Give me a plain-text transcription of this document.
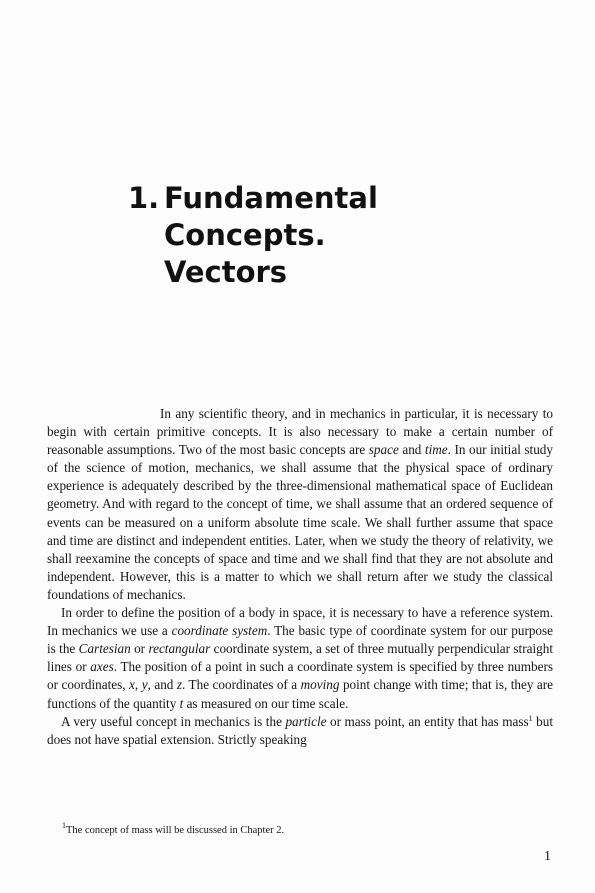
1. Fundamental
Concepts.
Vectors

In any scientific theory, and in mechanics in particular, it is necessary to begin with certain primitive concepts. It is also necessary to make a certain number of reasonable assumptions. Two of the most basic concepts are space and time. In our initial study of the science of motion, mechanics, we shall assume that the physical space of ordinary experience is adequately described by the three-dimensional mathematical space of Euclidean geometry. And with regard to the concept of time, we shall assume that an ordered sequence of events can be measured on a uniform absolute time scale. We shall further assume that space and time are distinct and independent entities. Later, when we study the theory of relativity, we shall reexamine the concepts of space and time and we shall find that they are not absolute and independent. However, this is a matter to which we shall return after we study the classical foundations of mechanics.

In order to define the position of a body in space, it is necessary to have a reference system. In mechanics we use a coordinate system. The basic type of coordinate system for our purpose is the Cartesian or rectangular coordinate system, a set of three mutually perpendicular straight lines or axes. The position of a point in such a coordinate system is specified by three numbers or coordinates, x, y, and z. The coordinates of a moving point change with time; that is, they are functions of the quantity t as measured on our time scale.

A very useful concept in mechanics is the particle or mass point, an entity that has mass$^1$ but does not have spatial extension. Strictly speaking

$^1$The concept of mass will be discussed in Chapter 2.

1
